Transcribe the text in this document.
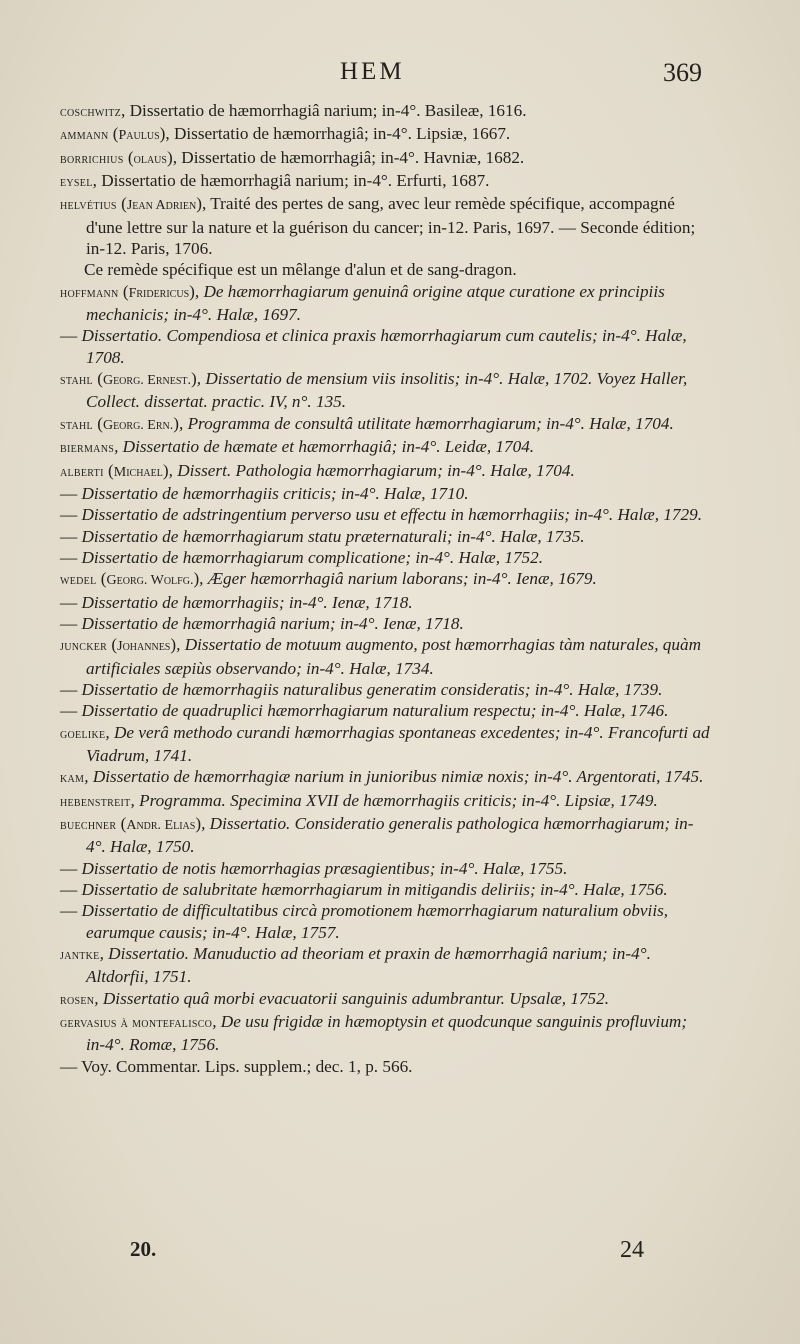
HEM	369

coschwitz, Dissertatio de hæmorrhagiâ narium; in-4°. Basileæ, 1616.

ammann (Paulus), Dissertatio de hæmorrhagiâ; in-4°. Lipsiæ, 1667.

borrichius (olaus), Dissertatio de hæmorrhagiâ; in-4°. Havniæ, 1682.

eysel, Dissertatio de hæmorrhagiâ narium; in-4°. Erfurti, 1687.

helvétius (Jean Adrien), Traité des pertes de sang, avec leur remède spécifique, accompagné d'une lettre sur la nature et la guérison du cancer; in-12. Paris, 1697. — Seconde édition; in-12. Paris, 1706.

Ce remède spécifique est un mêlange d'alun et de sang-dragon.

hoffmann (Fridericus), De hæmorrhagiarum genuinâ origine atque curatione ex principiis mechanicis; in-4°. Halæ, 1697.

— Dissertatio. Compendiosa et clinica praxis hæmorrhagiarum cum cautelis; in-4°. Halæ, 1708.

stahl (Georg. Ernest.), Dissertatio de mensium viis insolitis; in-4°. Halæ, 1702. Voyez Haller, Collect. dissertat. practic. IV, n°. 135.

stahl (Georg. Ern.), Programma de consultâ utilitate hæmorrhagiarum; in-4°. Halæ, 1704.

biermans, Dissertatio de hæmate et hæmorrhagiâ; in-4°. Leidæ, 1704.

alberti (Michael), Dissert. Pathologia hæmorrhagiarum; in-4°. Halæ, 1704.

— Dissertatio de hæmorrhagiis criticis; in-4°. Halæ, 1710.

— Dissertatio de adstringentium perverso usu et effectu in hæmorrhagiis; in-4°. Halæ, 1729.

— Dissertatio de hæmorrhagiarum statu præternaturali; in-4°. Halæ, 1735.

— Dissertatio de hæmorrhagiarum complicatione; in-4°. Halæ, 1752.

wedel (Georg. Wolfg.), Æger hæmorrhagiâ narium laborans; in-4°. Ienæ, 1679.

— Dissertatio de hæmorrhagiis; in-4°. Ienæ, 1718.

— Dissertatio de hæmorrhagiâ narium; in-4°. Ienæ, 1718.

juncker (Johannes), Dissertatio de motuum augmento, post hæmorrhagias tàm naturales, quàm artificiales sæpiùs observando; in-4°. Halæ, 1734.

— Dissertatio de hæmorrhagiis naturalibus generatim consideratis; in-4°. Halæ, 1739.

— Dissertatio de quadruplici hæmorrhagiarum naturalium respectu; in-4°. Halæ, 1746.

goelike, De verâ methodo curandi hæmorrhagias spontaneas excedentes; in-4°. Francofurti ad Viadrum, 1741.

kam, Dissertatio de hæmorrhagiæ narium in junioribus nimiæ noxis; in-4°. Argentorati, 1745.

hebenstreit, Programma. Specimina XVII de hæmorrhagiis criticis; in-4°. Lipsiæ, 1749.

buechner (Andr. Elias), Dissertatio. Consideratio generalis pathologica hæmorrhagiarum; in-4°. Halæ, 1750.

— Dissertatio de notis hæmorrhagias præsagientibus; in-4°. Halæ, 1755.

— Dissertatio de salubritate hæmorrhagiarum in mitigandis deliriis; in-4°. Halæ, 1756.

— Dissertatio de difficultatibus circà promotionem hæmorrhagiarum naturalium obviis, earumque causis; in-4°. Halæ, 1757.

jantke, Dissertatio. Manuductio ad theoriam et praxin de hæmorrhagiâ narium; in-4°. Altdorfii, 1751.

rosen, Dissertatio quâ morbi evacuatorii sanguinis adumbrantur. Upsalæ, 1752.

gervasius à montefalisco, De usu frigidæ in hæmoptysin et quodcunque sanguinis profluvium; in-4°. Romæ, 1756.

— Voy. Commentar. Lips. supplem.; dec. 1, p. 566.

20.	24
